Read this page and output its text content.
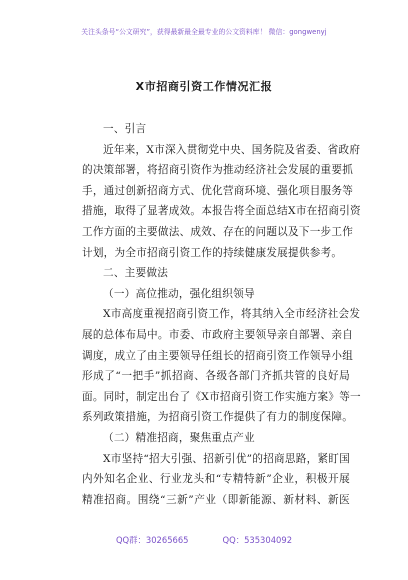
关注头条号“公文研究”，获得最新最全最专业的公文资料库！ 微信：gongwenyj
X市招商引资工作情况汇报
一、引言
近年来，X市深入贯彻党中央、国务院及省委、省政府
的决策部署，将招商引资作为推动经济社会发展的重要抓
手，通过创新招商方式、优化营商环境、强化项目服务等
措施，取得了显著成效。本报告将全面总结X市在招商引资
工作方面的主要做法、成效、存在的问题以及下一步工作
计划，为全市招商引资工作的持续健康发展提供参考。
二、主要做法
（一）高位推动，强化组织领导
X市高度重视招商引资工作，将其纳入全市经济社会发
展的总体布局中。市委、市政府主要领导亲自部署、亲自
调度，成立了由主要领导任组长的招商引资工作领导小组
形成了“一把手”抓招商、各级各部门齐抓共管的良好局
面。同时，制定出台了《X市招商引资工作实施方案》等一
系列政策措施，为招商引资工作提供了有力的制度保障。
（二）精准招商，聚焦重点产业
X市坚持“招大引强、招新引优”的招商思路，紧盯国
内外知名企业、行业龙头和“专精特新”企业，积极开展
精准招商。围绕“三新”产业（即新能源、新材料、新医
QQ群：30265665	QQ：535304092
